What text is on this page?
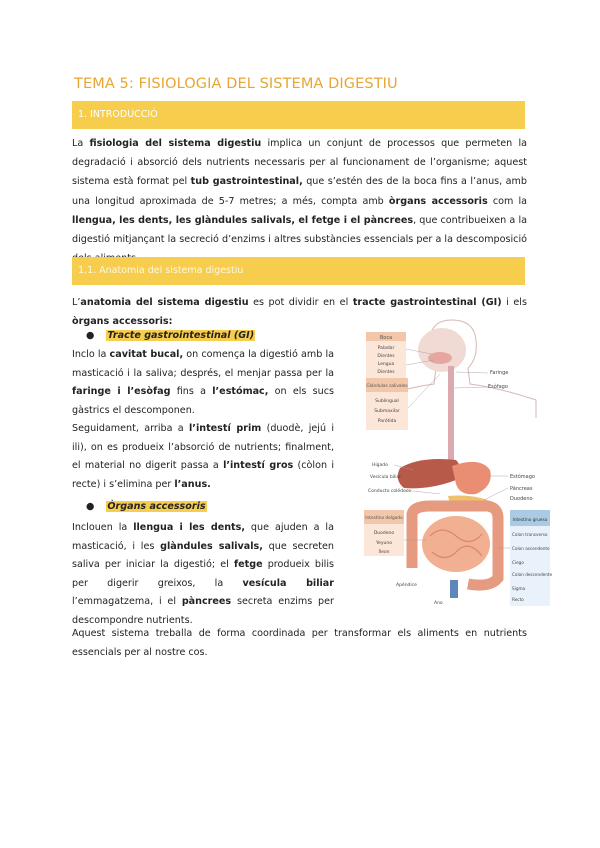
TEMA 5: FISIOLOGIA DEL SISTEMA DIGESTIU
1. INTRODUCCIÓ

La fisiologia del sistema digestiu implica un conjunt de processos que permeten la degradació i absorció dels nutrients necessaris per al funcionament de l’organisme; aquest sistema està format pel tub gastrointestinal, que s’estén des de la boca fins a l’anus, amb una longitud aproximada de 5-7 metres; a més, compta amb òrgans accessoris com la llengua, les dents, les glàndules salivals, el fetge i el pàncrees, que contribueixen a la digestió mitjançant la secreció d’enzims i altres substàncies essencials per a la descomposició

1.1. Anatomia del sistema digestiu

L’anatomia del sistema digestiu es pot dividir en el tracte gastrointestinal (GI) i els òrgans accessoris:

● Tracte gastrointestinal (GI)

Inclo la cavitat bucal, on comença la digestió amb la masticació i la saliva; després, el menjar passa per la faringe i l’esòfag fins a l’estómac, on els sucs gàstrics el descomponen.

Seguidament, arriba a l’intestí prim (duodè, jejú i ili), on es produeix l’absorció de nutrients; finalment, el material no digerit passa a l’intestí gros (còlon i recte) i s’elimina per l’anus.

● Òrgans accessoris

Inclouen la llengua i les dents, que ajuden a la masticació, i les glàndules salivals, que secreten saliva per iniciar la digestió; el fetge produeix bilis per digerir greixos, la vesícula biliar l’emmagatzema, i el pàncrees secreta enzims per descompondre nutrients.

Aquest sistema treballa de forma coordinada per transformar els aliments en nutrients essencials per al nostre cos.

Boca
Paladar
Dientes
Lengua
Dientes
Glándulas salivales
Sublingual
Submaxilar
Parótida
Faringe
Esófago
Hígado
Vesícula biliar
Conducto colédoco
Estómago
Páncreas
Duodeno
Intestino delgado
Duodeno
Yeyuno
Íleon
Intestino grueso
Colon transverso
Colon ascendente
Ciego
Colon descendente
Sigma
Recto
Apéndice
Ano
